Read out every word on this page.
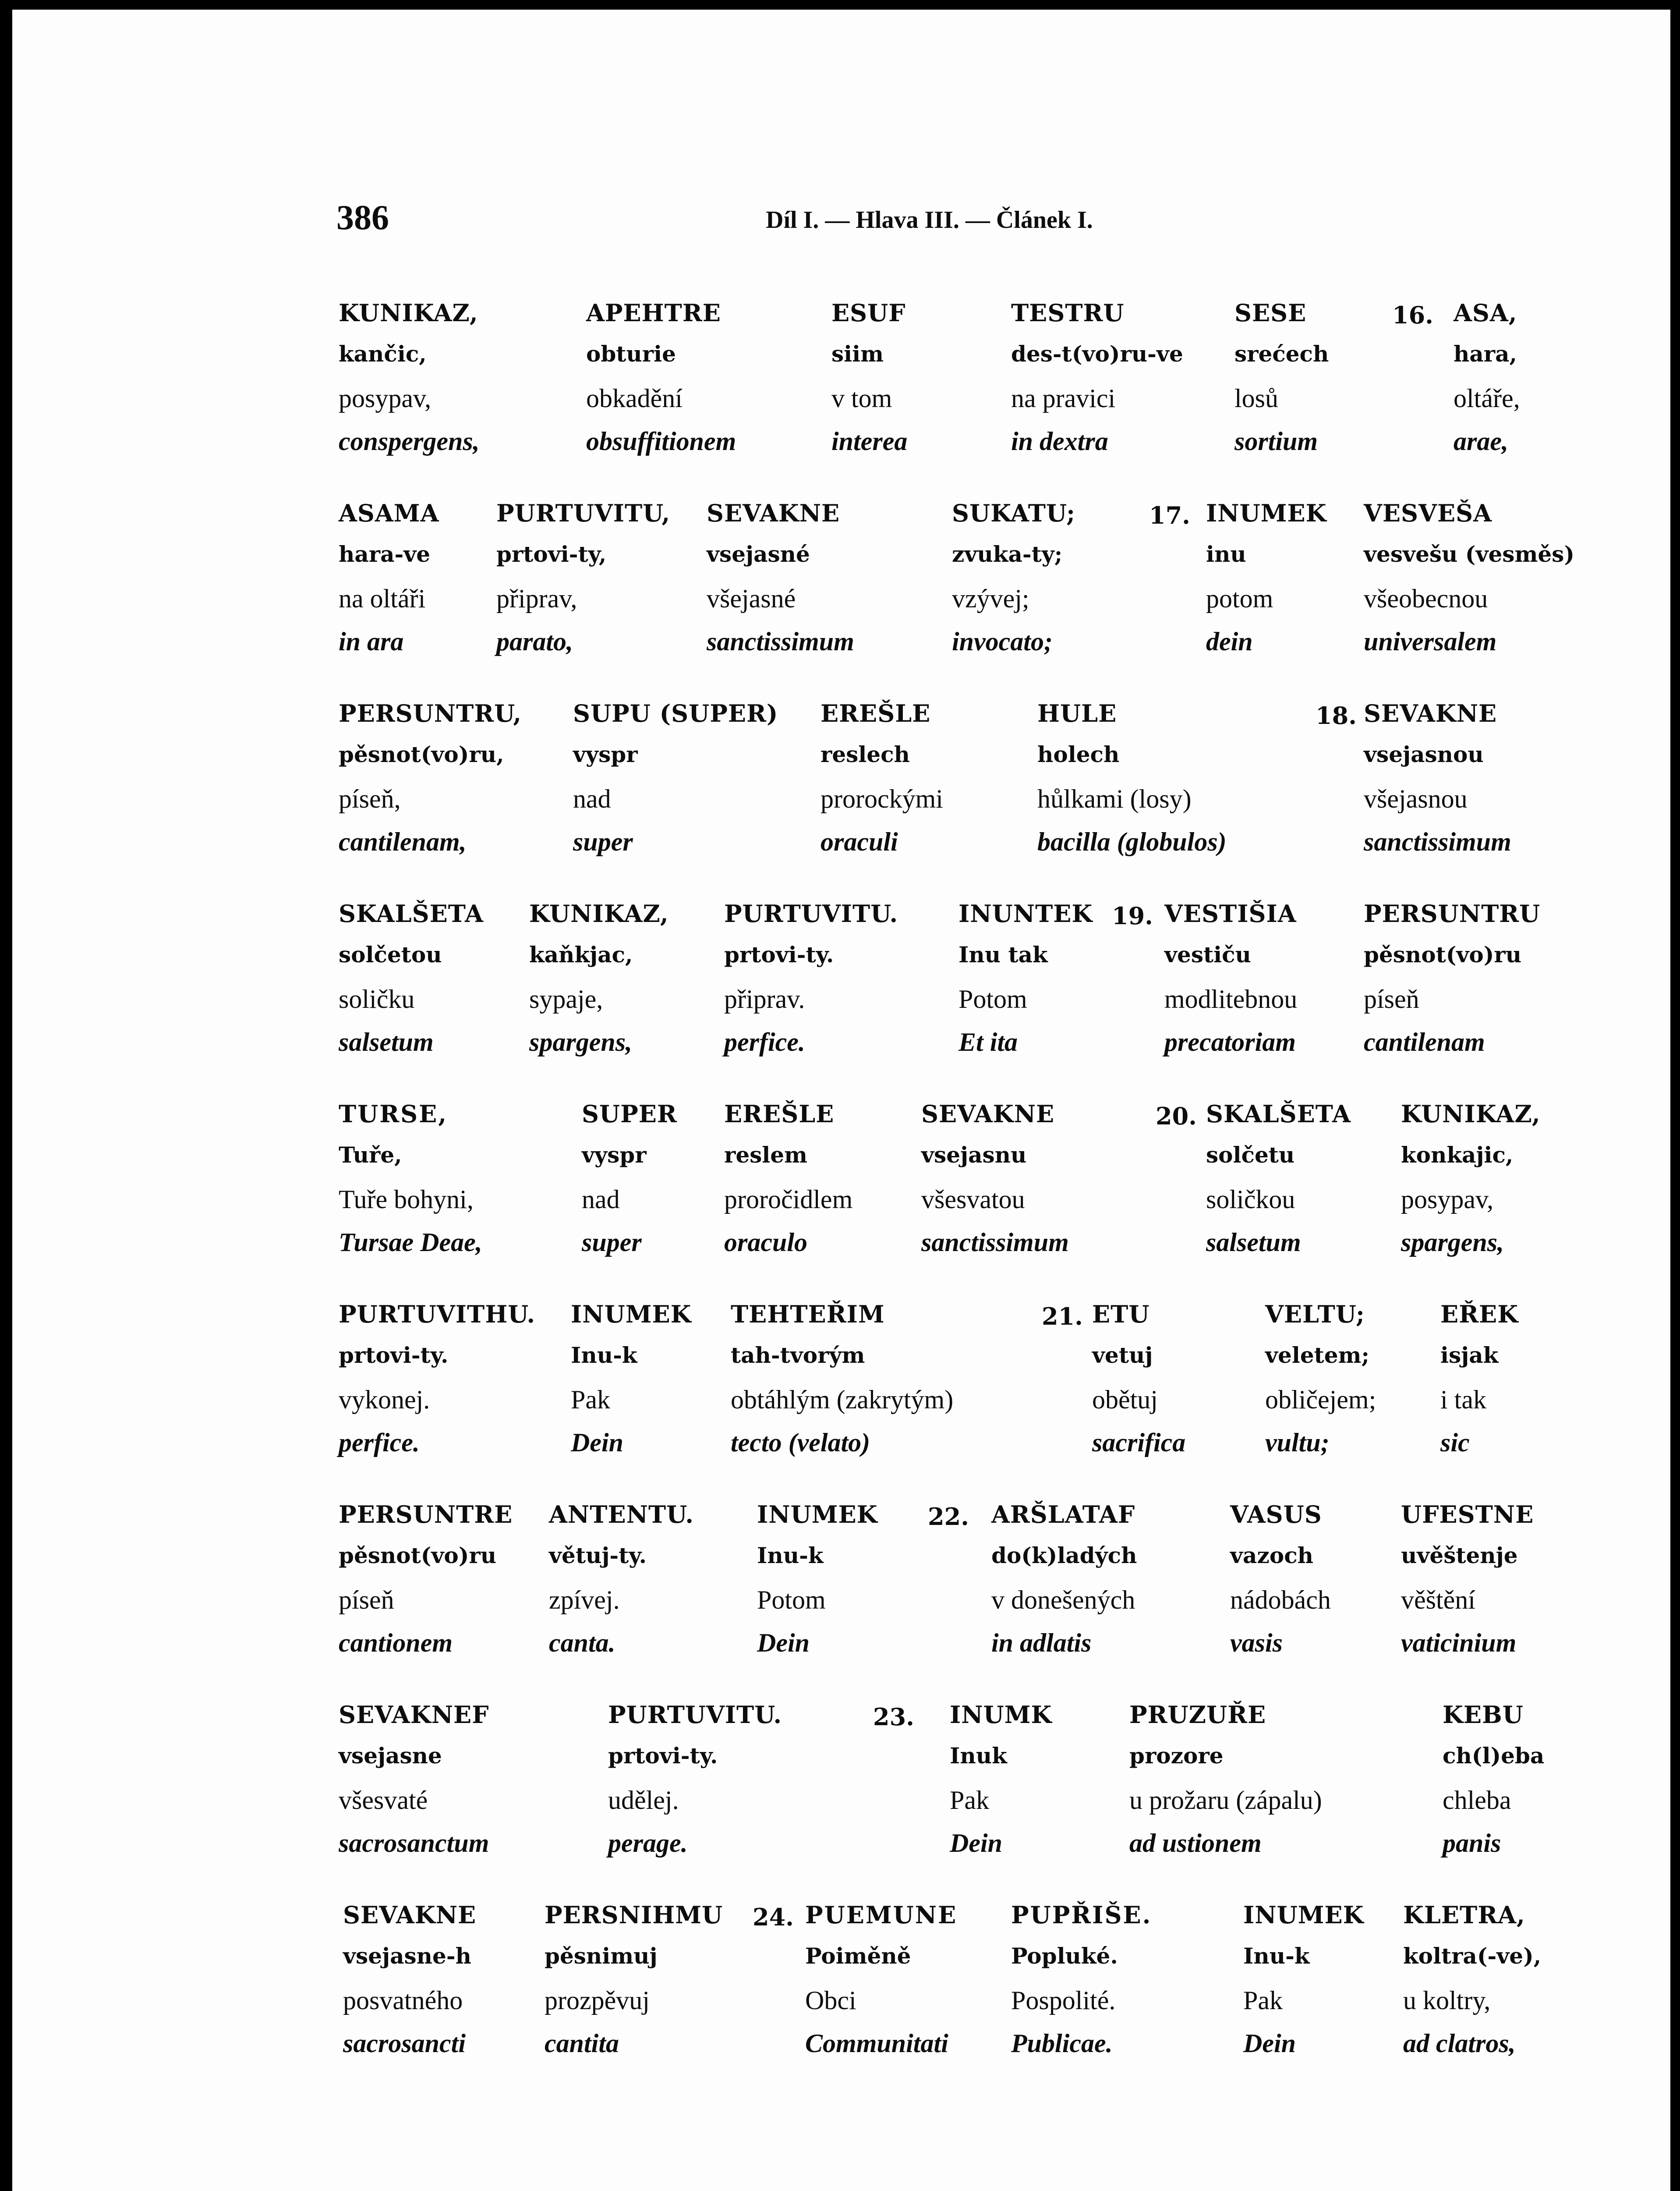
386	Díl I. — Hlava III. — Článek I.
16.
KUNIKAZ,
kančic,
posypav,
conspergens,
APEHTRE
obturie
obkadění
obsuffitionem
ESUF
siim
v tom
interea
TESTRU
des-t(vo)ru-ve
na pravici
in dextra
SESE
srećech
losů
sortium
ASA,
hara,
oltáře,
arae,
17.
ASAMA
hara-ve
na oltáři
in ara
PURTUVITU,
prtovi-ty,
připrav,
parato,
SEVAKNE
vsejasné
všejasné
sanctissimum
SUKATU;
zvuka-ty;
vzývej;
invocato;
INUMEK
inu
potom
dein
VESVEŠA
vesvešu (vesměs)
všeobecnou
universalem
18.
PERSUNTRU,
pěsnot(vo)ru,
píseň,
cantilenam,
SUPU (SUPER)
vyspr
nad
super
EREŠLE
reslech
prorockými
oraculi
HULE
holech
hůlkami (losy)
bacilla (globulos)
SEVAKNE
vsejasnou
všejasnou
sanctissimum
19.
SKALŠETA
solčetou
soličku
salsetum
KUNIKAZ,
kaňkjac,
sypaje,
spargens,
PURTUVITU.
prtovi-ty.
připrav.
perfice.
INUNTEK
Inu tak
Potom
Et ita
VESTIŠIA
vestiču
modlitebnou
precatoriam
PERSUNTRU
pěsnot(vo)ru
píseň
cantilenam
20.
TURSE,
Tuře,
Tuře bohyni,
Tursae Deae,
SUPER
vyspr
nad
super
EREŠLE
reslem
proročidlem
oraculo
SEVAKNE
vsejasnu
všesvatou
sanctissimum
SKALŠETA
solčetu
soličkou
salsetum
KUNIKAZ,
konkajic,
posypav,
spargens,
21.
PURTUVITHU.
prtovi-ty.
vykonej.
perfice.
INUMEK
Inu-k
Pak
Dein
TEHTEŘIM
tah-tvorým
obtáhlým (zakrytým)
tecto (velato)
ETU
vetuj
obětuj
sacrifica
VELTU;
veletem;
obličejem;
vultu;
EŘEK
isjak
i tak
sic
22.
PERSUNTRE
pěsnot(vo)ru
píseň
cantionem
ANTENTU.
větuj-ty.
zpívej.
canta.
INUMEK
Inu-k
Potom
Dein
ARŠLATAF
do(k)ladých
v donešených
in adlatis
VASUS
vazoch
nádobách
vasis
UFESTNE
uvěštenje
věštění
vaticinium
23.
SEVAKNEF
vsejasne
všesvaté
sacrosanctum
PURTUVITU.
prtovi-ty.
udělej.
perage.
INUMK
Inuk
Pak
Dein
PRUZUŘE
prozore
u prožaru (zápalu)
ad ustionem
KEBU
ch(l)eba
chleba
panis
24.
SEVAKNE
vsejasne-h
posvatného
sacrosancti
PERSNIHMU
pěsnimuj
prozpěvuj
cantita
PUEMUNE
Poiměně
Obci
Communitati
PUPŘIŠE.
Popluké.
Pospolité.
Publicae.
INUMEK
Inu-k
Pak
Dein
KLETRA,
koltra(-ve),
u koltry,
ad clatros,
